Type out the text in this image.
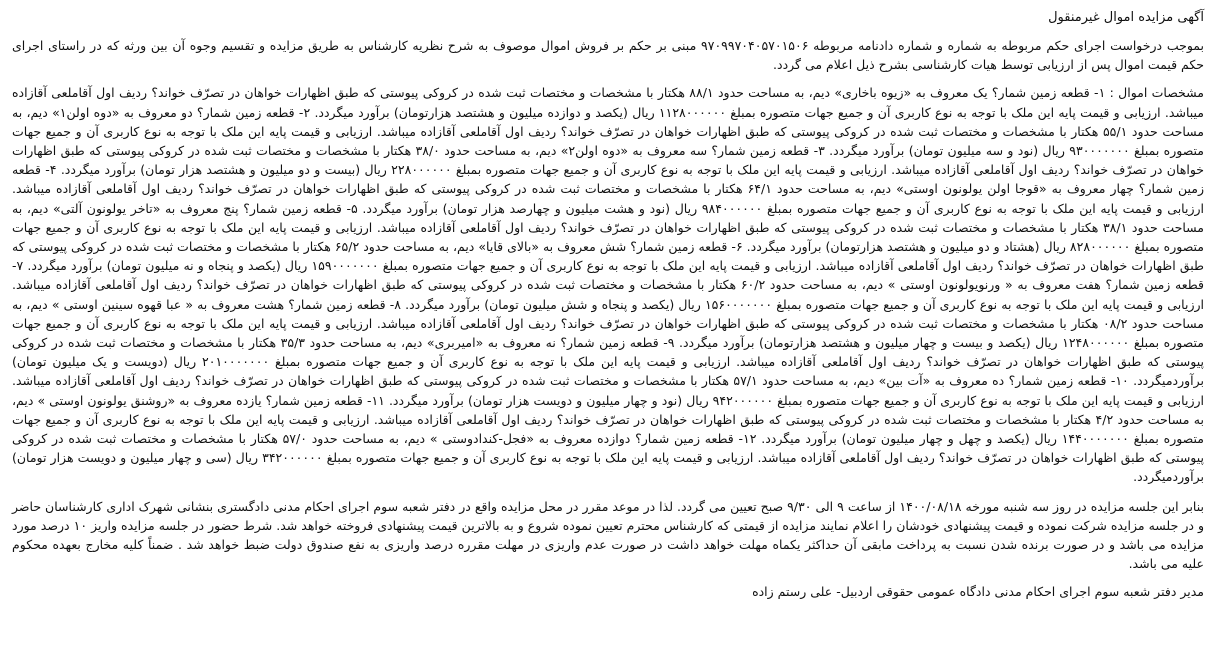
آگهی مزایده اموال غیرمنقول

بموجب درخواست اجرای حکم مربوطه به شماره و شماره دادنامه مربوطه ۹۷۰۹۹۷۰۴۰۵۷۰۱۵۰۶ مبنی بر حکم بر فروش اموال موصوف به شرح نظریه کارشناس به طریق مزایده و تقسیم وجوه آن بین ورثه که در راستای اجرای حکم قیمت اموال پس از ارزیابی توسط هیات کارشناسی بشرح ذیل اعلام می گردد.

مشخصات اموال : ۱- قطعه زمین شمار؟ یک معروف به «زیوه باخاری» دیم، به مساحت حدود ۸۸/۱ هکتار با مشخصات و مختصات ثبت شده در کروکی پیوستی که طبق اظهارات خواهان در تصرّف خواند؟ ردیف اول آقاملعی آقازاده میباشد. ارزیابی و قیمت پایه این ملک با توجه به نوع کاربری آن و جمیع جهات متصوره بمبلغ ۱۱۲۸۰۰۰۰۰۰ ریال (یکصد و دوازده میلیون و هشتصد هزارتومان) برآورد میگردد. ۲- قطعه زمین شمار؟ دو معروف به «دوه اولن۱» دیم، به مساحت حدود ۵۵/۱ هکتار با مشخصات و مختصات ثبت شده در کروکی پیوستی که طبق اظهارات خواهان در تصرّف خواند؟ ردیف اول آقاملعی آقازاده میباشد. ارزیابی و قیمت پایه این ملک با توجه به نوع کاربری آن و جمیع جهات متصوره بمبلغ ۹۳۰۰۰۰۰۰۰ ریال (نود و سه میلیون تومان) برآورد میگردد. ۳- قطعه زمین شمار؟ سه معروف به «دوه اولن۲» دیم، به مساحت حدود ۳۸/۰ هکتار با مشخصات و مختصات ثبت شده در کروکی پیوستی که طبق اظهارات خواهان در تصرّف خواند؟ ردیف اول آقاملعی آقازاده میباشد. ارزیابی و قیمت پایه این ملک با توجه به نوع کاربری آن و جمیع جهات متصوره بمبلغ ۲۲۸۰۰۰۰۰۰ ریال (بیست و دو میلیون و هشتصد هزار تومان) برآورد میگردد. ۴- قطعه زمین شمار؟ چهار معروف به «قوجا اولن یولونون اوستی» دیم، به مساحت حدود ۶۴/۱ هکتار با مشخصات و مختصات ثبت شده در کروکی پیوستی که طبق اظهارات خواهان در تصرّف خواند؟ ردیف اول آقاملعی آقازاده میباشد. ارزیابی و قیمت پایه این ملک با توجه به نوع کاربری آن و جمیع جهات متصوره بمبلغ ۹۸۴۰۰۰۰۰۰ ریال (نود و هشت میلیون و چهارصد هزار تومان) برآورد میگردد. ۵- قطعه زمین شمار؟ پنج معروف به «تاخر یولونون آلتی» دیم، به مساحت حدود ۳۸/۱ هکتار با مشخصات و مختصات ثبت شده در کروکی پیوستی که طبق اظهارات خواهان در تصرّف خواند؟ ردیف اول آقاملعی آقازاده میباشد. ارزیابی و قیمت پایه این ملک با توجه به نوع کاربری آن و جمیع جهات متصوره بمبلغ ۸۲۸۰۰۰۰۰۰ ریال (هشتاد و دو میلیون و هشتصد هزارتومان) برآورد میگردد. ۶- قطعه زمین شمار؟ شش معروف به «بالای قایا» دیم، به مساحت حدود ۶۵/۲ هکتار با مشخصات و مختصات ثبت شده در کروکی پیوستی که طبق اظهارات خواهان در تصرّف خواند؟ ردیف اول آقاملعی آقازاده میباشد. ارزیابی و قیمت پایه این ملک با توجه به نوع کاربری آن و جمیع جهات متصوره بمبلغ ۱۵۹۰۰۰۰۰۰۰ ریال (یکصد و پنجاه و نه میلیون تومان) برآورد میگردد. ۷- قطعه زمین شمار؟ هفت معروف به « ورنویولونون اوستی » دیم، به مساحت حدود ۶۰/۲ هکتار با مشخصات و مختصات ثبت شده در کروکی پیوستی که طبق اظهارات خواهان در تصرّف خواند؟ ردیف اول آقاملعی آقازاده میباشد. ارزیابی و قیمت پایه این ملک با توجه به نوع کاربری آن و جمیع جهات متصوره بمبلغ ۱۵۶۰۰۰۰۰۰۰ ریال (یکصد و پنجاه و شش میلیون تومان) برآورد میگردد. ۸- قطعه زمین شمار؟ هشت معروف به « عبا قهوه سینین اوستی » دیم، به مساحت حدود ۰۸/۲ هکتار با مشخصات و مختصات ثبت شده در کروکی پیوستی که طبق اظهارات خواهان در تصرّف خواند؟ ردیف اول آقاملعی آقازاده میباشد. ارزیابی و قیمت پایه این ملک با توجه به نوع کاربری آن و جمیع جهات متصوره بمبلغ ۱۲۴۸۰۰۰۰۰۰ ریال (یکصد و بیست و چهار میلیون و هشتصد هزارتومان) برآورد میگردد. ۹- قطعه زمین شمار؟ نه معروف به «امیربری» دیم، به مساحت حدود ۳۵/۳ هکتار با مشخصات و مختصات ثبت شده در کروکی پیوستی که طبق اظهارات خواهان در تصرّف خواند؟ ردیف اول آقاملعی آقازاده میباشد. ارزیابی و قیمت پایه این ملک با توجه به نوع کاربری آن و جمیع جهات متصوره بمبلغ ۲۰۱۰۰۰۰۰۰۰ ریال (دویست و یک میلیون تومان) برآوردمیگردد. ۱۰- قطعه زمین شمار؟ ده معروف به «آت بین» دیم، به مساحت حدود ۵۷/۱ هکتار با مشخصات و مختصات ثبت شده در کروکی پیوستی که طبق اظهارات خواهان در تصرّف خواند؟ ردیف اول آقاملعی آقازاده میباشد. ارزیابی و قیمت پایه این ملک با توجه به نوع کاربری آن و جمیع جهات متصوره بمبلغ ۹۴۲۰۰۰۰۰۰ ریال (نود و چهار میلیون و دویست هزار تومان) برآورد میگردد. ۱۱- قطعه زمین شمار؟ یازده معروف به «روشنق یولونون اوستی » دیم، به مساحت حدود ۴/۲ هکتار با مشخصات و مختصات ثبت شده در کروکی پیوستی که طبق اظهارات خواهان در تصرّف خواند؟ ردیف اول آقاملعی آقازاده میباشد. ارزیابی و قیمت پایه این ملک با توجه به نوع کاربری آن و جمیع جهات متصوره بمبلغ ۱۴۴۰۰۰۰۰۰۰ ریال (یکصد و چهل و چهار میلیون تومان) برآورد میگردد. ۱۲- قطعه زمین شمار؟ دوازده معروف به «فجل-کندادوستی » دیم، به مساحت حدود ۵۷/۰ هکتار با مشخصات و مختصات ثبت شده در کروکی پیوستی که طبق اظهارات خواهان در تصرّف خواند؟ ردیف اول آقاملعی آقازاده میباشد. ارزیابی و قیمت پایه این ملک با توجه به نوع کاربری آن و جمیع جهات متصوره بمبلغ ۳۴۲۰۰۰۰۰۰ ریال (سی و چهار میلیون و دویست هزار تومان) برآوردمیگردد.

بنابر این جلسه مزایده در روز سه شنبه مورخه ۱۴۰۰/۰۸/۱۸ از ساعت ۹ الی ۹/۳۰ صبح تعیین می گردد. لذا در موعد مقرر در محل مزایده واقع در دفتر شعبه سوم اجرای احکام مدنی دادگستری بنشانی شهرک اداری کارشناسان حاضر و در جلسه مزایده شرکت نموده و قیمت پیشنهادی خودشان را اعلام نمایند مزایده از قیمتی که کارشناس محترم تعیین نموده شروع و به بالاترین قیمت پیشنهادی فروخته خواهد شد. شرط حضور در جلسه مزایده واریز ۱۰ درصد مورد مزایده می باشد و در صورت برنده شدن نسبت به پرداخت مابقی آن حداکثر یکماه مهلت خواهد داشت در صورت عدم واریزی در مهلت مقرره درصد واریزی به نفع صندوق دولت ضبط خواهد شد . ضمناً کلیه مخارج بعهده محکوم علیه می باشد.

مدیر دفتر شعبه سوم اجرای احکام مدنی دادگاه عمومی حقوقی اردبیل- علی رستم زاده
